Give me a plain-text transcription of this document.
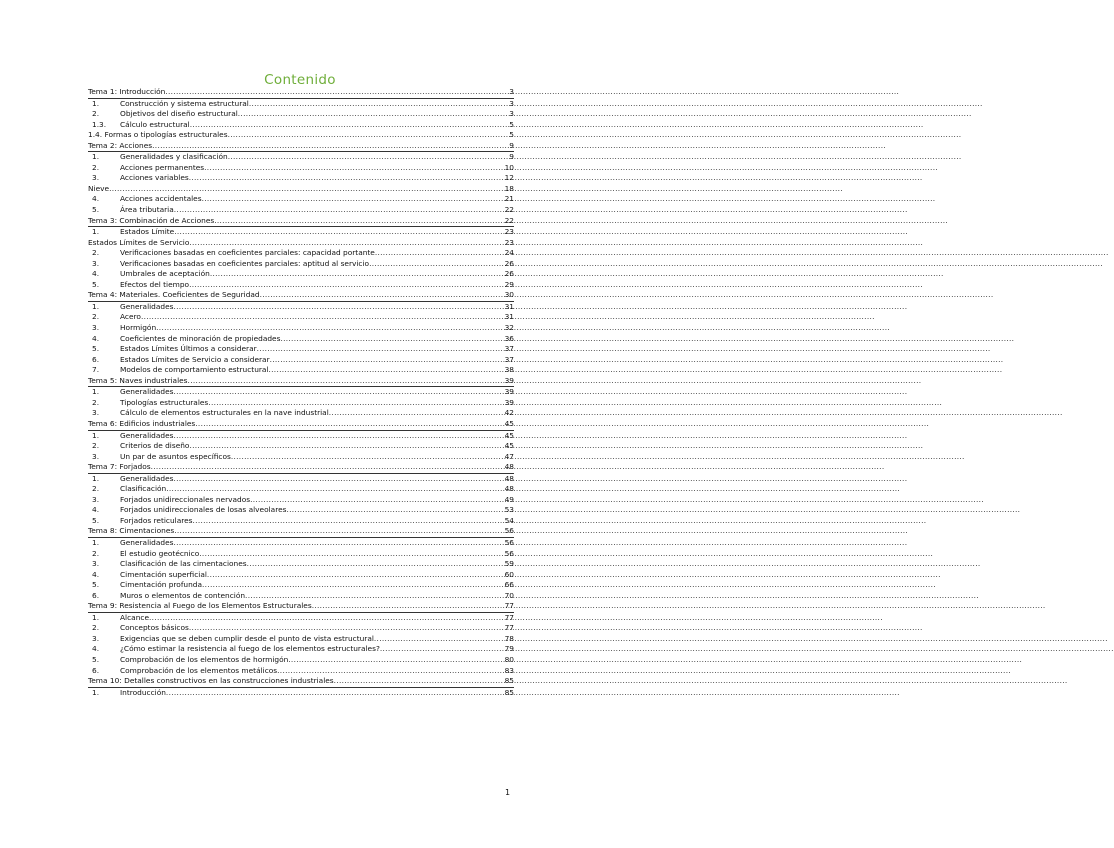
Contenido
Tema 1: Introducción .....	3
1.	Construcción y sistema estructural .....	3
2.	Objetivos del diseño estructural .....	3
1.3.	Cálculo estructural .....	5
1.4. Formas o tipologías estructurales .....	5
Tema 2: Acciones .....	9
1.	Generalidades y clasificación .....	9
2.	Acciones permanentes .....	10
3.	Acciones variables .....	12
Nieve .....	18
4.	Acciones accidentales .....	21
5.	Área tributaria .....	22
Tema 3: Combinación de Acciones .....	22
1.	Estados Límite .....	23
Estados Límites de Servicio .....	23
2.	Verificaciones basadas en coeficientes parciales: capacidad portante .....	24
3.	Verificaciones basadas en coeficientes parciales: aptitud al servicio .....	26
4.	Umbrales de aceptación .....	26
5.	Efectos del tiempo .....	29
Tema 4: Materiales. Coeficientes de Seguridad .....	30
1.	Generalidades .....	31
2.	Acero .....	31
3.	Hormigón .....	32
4.	Coeficientes de minoración de propiedades .....	36
5.	Estados Límites Últimos a considerar .....	37
6.	Estados Límites de Servicio a considerar .....	37
7.	Modelos de comportamiento estructural .....	38
Tema 5: Naves industriales .....	39
1.	Generalidades .....	39
2.	Tipologías estructurales .....	39
3.	Cálculo de elementos estructurales en la nave industrial .....	42
Tema 6: Edificios industriales .....	45
1.	Generalidades .....	45
2.	Criterios de diseño .....	45
3.	Un par de asuntos específicos .....	47
Tema 7: Forjados .....	48
1.	Generalidades .....	48
2.	Clasificación .....	48
3.	Forjados unidireccionales nervados .....	49
4.	Forjados unidireccionales de losas alveolares .....	53
5.	Forjados reticulares .....	54
Tema 8: Cimentaciones .....	56
1.	Generalidades .....	56
2.	El estudio geotécnico .....	56
3.	Clasificación de las cimentaciones .....	59
4.	Cimentación superficial .....	60
5.	Cimentación profunda .....	66
6.	Muros o elementos de contención .....	70
Tema 9: Resistencia al Fuego de los Elementos Estructurales .....	77
1.	Alcance .....	77
2.	Conceptos básicos .....	77
3.	Exigencias que se deben cumplir desde el punto de vista estructural .....	78
4.	¿Cómo estimar la resistencia al fuego de los elementos estructurales? .....	79
5.	Comprobación de los elementos de hormigón .....	80
6.	Comprobación de los elementos metálicos .....	83
Tema 10: Detalles constructivos en las construcciones industriales .....	85
1.	Introducción .....	85
1
